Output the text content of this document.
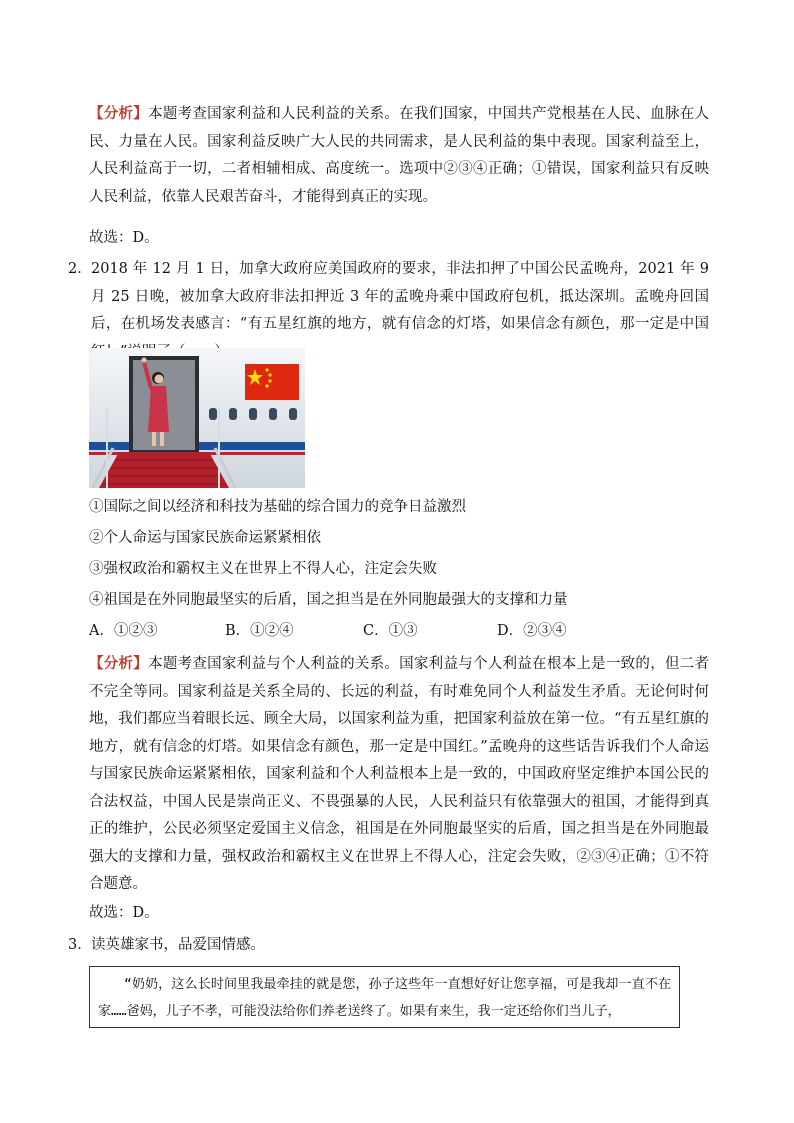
【分析】本题考查国家利益和人民利益的关系。在我们国家，中国共产党根基在人民、血脉在人民、力量在人民。国家利益反映广大人民的共同需求，是人民利益的集中表现。国家利益至上，人民利益高于一切，二者相辅相成、高度统一。选项中②③④正确；①错误，国家利益只有反映人民利益，依靠人民艰苦奋斗，才能得到真正的实现。

故选：D。
2． 2018 年 12 月 1 日，加拿大政府应美国政府的要求，非法扣押了中国公民孟晚舟，2021 年 9 月 25 日晚，被加拿大政府非法扣押近 3 年的孟晚舟乘中国政府包机，抵达深圳。孟晚舟回国后，在机场发表感言：“有五星红旗的地方，就有信念的灯塔，如果信念有颜色，那一定是中国　　

①国际之间以经济和科技为基础的综合国力的竞争日益激烈
②个人命运与国家民族命运紧紧相依
③强权政治和霸权主义在世界上不得人心，注定会失败
④祖国是在外同胞最坚实的后盾，国之担当是在外同胞最强大的支撑和力量
A．①②③	B．①②④	C．①③	D．②③④

【分析】本题考查国家利益与个人利益的关系。国家利益与个人利益在根本上是一致的，但二者不完全等同。国家利益是关系全局的、长远的利益，有时难免同个人利益发生矛盾。无论何时何地，我们都应当着眼长远、顾全大局，以国家利益为重，把国家利益放在第一位。“有五星红旗的地方，就有信念的灯塔。如果信念有颜色，那一定是中国红。”孟晚舟的这些话告诉我们个人命运与国家民族命运紧紧相依，国家利益和个人利益根本上是一致的，中国政府坚定维护本国公民的合法权益，中国人民是崇尚正义、不畏强暴的人民，人民利益只有依靠强大的祖国，才能得到真正的维护，公民必须坚定爱国主义信念，祖国是在外同胞最坚实的后盾，国之担当是在外同胞最强大的支撑和力量，强权政治和霸权主义在世界上不得人心，注定会失败，②③④正确；①不符合题意。

故选：D。
3． 读英雄家书，品爱国情感。
“奶奶，这么长时间里我最牵挂的就是您，孙子这些年一直想好好让您享福，可是我却一直不在家……爸妈，儿子不孝，可能没法给你们养老送终了。如果有来生，我一定还给你们当儿子，
